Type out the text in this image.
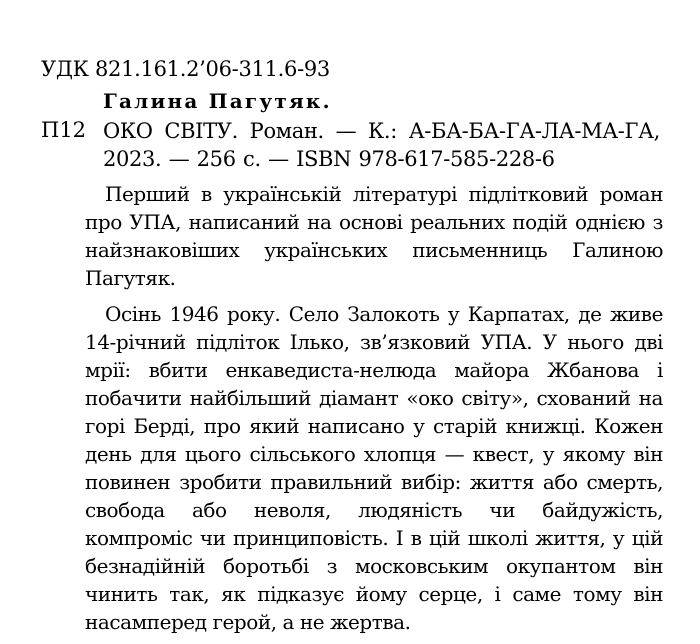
УДК 821.161.2’06-311.6-93
Галина Пагутяк.
П12 ОКО СВІТУ. Роман. — К.: А-БА-БА-ГА-ЛА-МА-ГА, 2023. — 256 с. — ISBN 978-617-585-228-6

Перший в українській літературі підлітковий роман про УПА, написаний на основі реальних подій однією з найзнаковіших українських письменниць Галиною Пагутяк.

Осінь 1946 року. Село Залокоть у Карпатах, де живе 14-річний підліток Ілько, зв’язковий УПА. У нього дві мрії: вбити енкаведиста-нелюда майора Жбанова і побачити найбільший діамант «око світу», схований на горі Берді, про який написано у старій книжці. Кожен день для цього сільського хлопця — квест, у якому він повинен зробити правильний вибір: життя або смерть, свобода або неволя, людяність чи байдужість, компроміс чи принциповість. І в цій школі життя, у цій безнадійній боротьбі з московським окупантом він чинить так, як підказує йому серце, і саме тому він насамперед герой, а не жертва.
